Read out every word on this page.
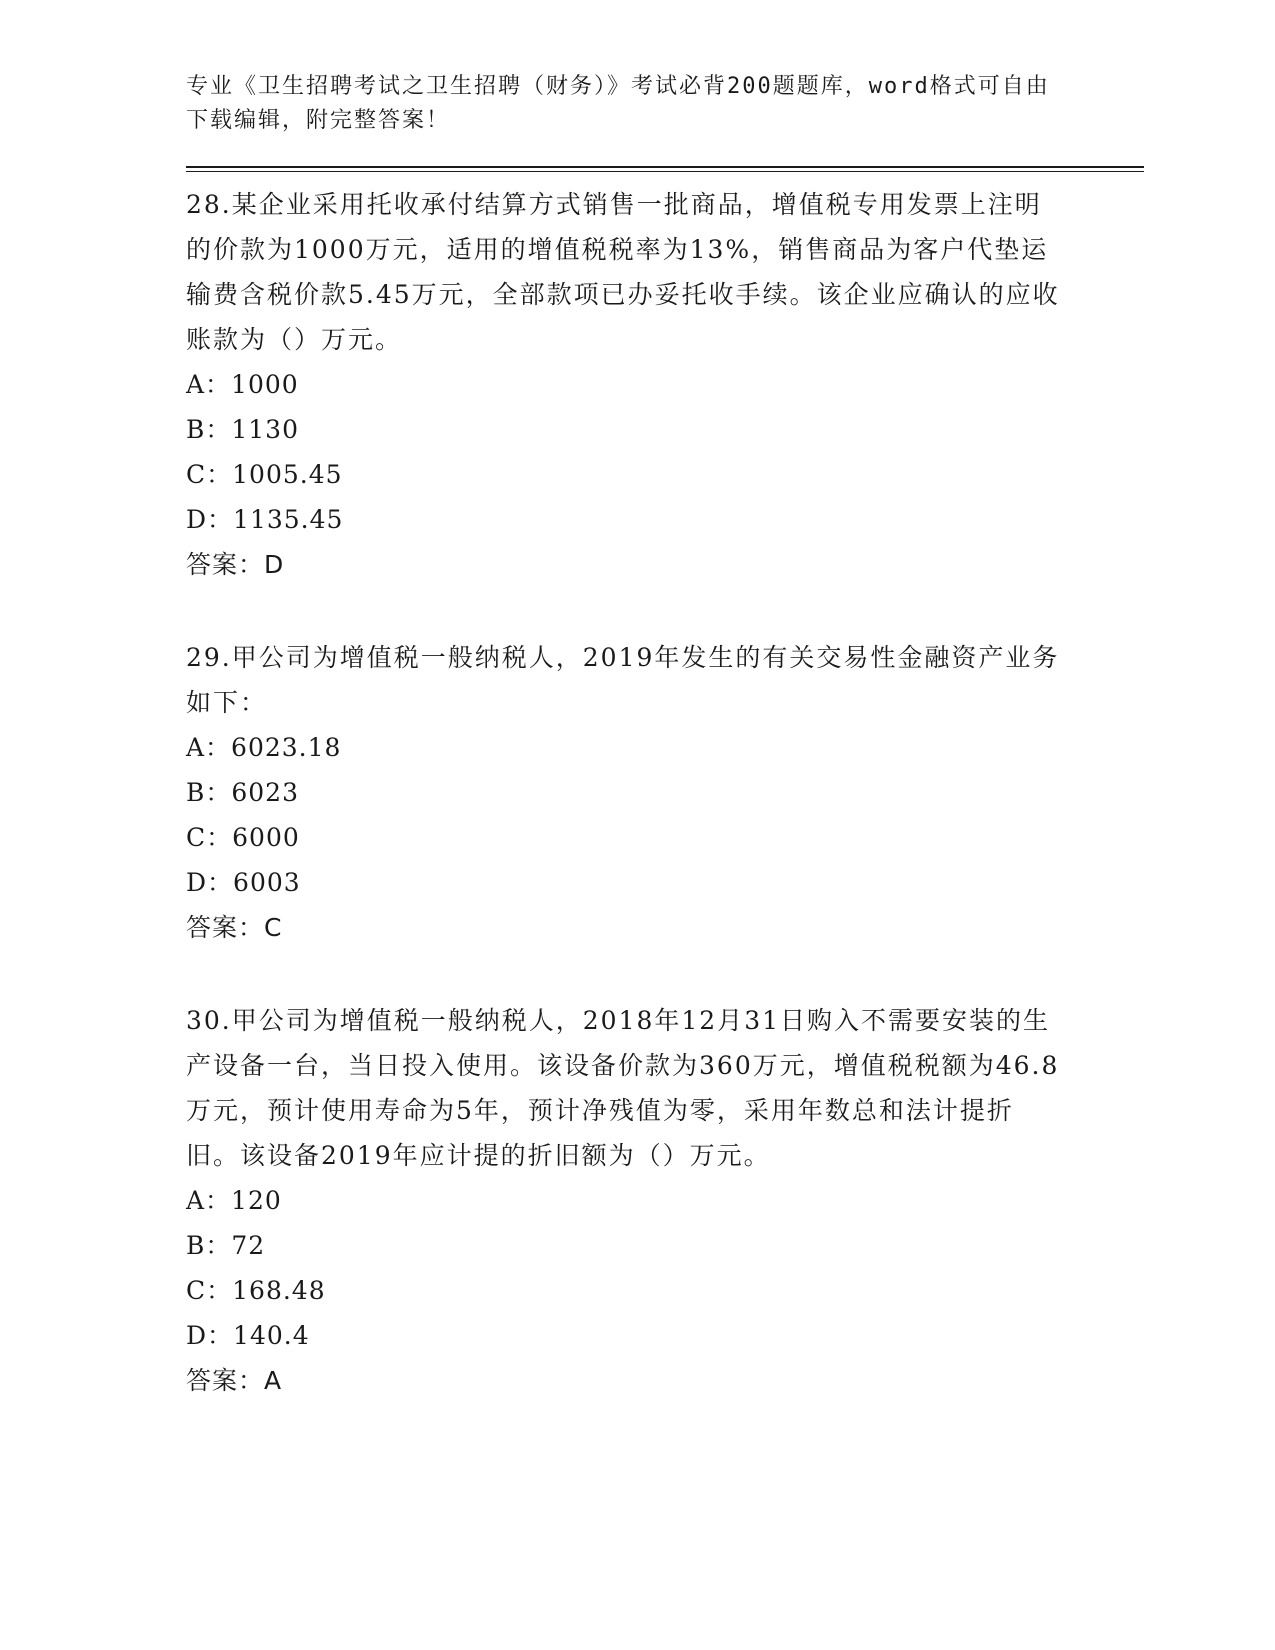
专业《卫生招聘考试之卫生招聘（财务）》考试必背200题题库，word格式可自由下载编辑，附完整答案！

28.某企业采用托收承付结算方式销售一批商品，增值税专用发票上注明的价款为1000万元，适用的增值税税率为13%，销售商品为客户代垫运输费含税价款5.45万元，全部款项已办妥托收手续。该企业应确认的应收账款为（）万元。

A：1000

B：1130

C：1005.45

D：1135.45

答案：D

29.甲公司为增值税一般纳税人，2019年发生的有关交易性金融资产业务如下：

A：6023.18

B：6023

C：6000

D：6003

答案：C

30.甲公司为增值税一般纳税人，2018年12月31日购入不需要安装的生产设备一台，当日投入使用。该设备价款为360万元，增值税税额为46.8万元，预计使用寿命为5年，预计净残值为零，采用年数总和法计提折旧。该设备2019年应计提的折旧额为（）万元。

A：120

B：72

C：168.48

D：140.4

答案：A
